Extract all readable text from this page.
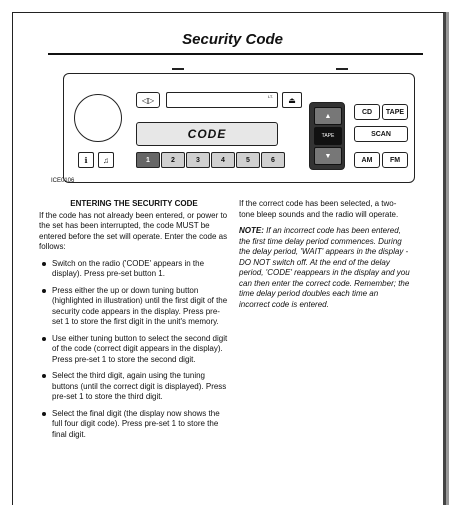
Security Code
◁▷	LT.	⏏
CODE
ℹ	♫	1	2	3	4	5	6
▲
TAPE
▼
CD	TAPE
SCAN
AM	FM
ICE0106
ENTERING THE SECURITY CODE

If the code has not already been entered, or power to the set has been interrupted, the code MUST be entered before the set will operate. Enter the code as follows:

Switch on the radio ('CODE' appears in the display). Press pre-set button 1.
Press either the up or down tuning button (highlighted in illustration) until the first digit of the security code appears in the display. Press pre-set 1 to store the first digit in the unit's memory.
Use either tuning button to select the second digit of the code (correct digit appears in the display). Press pre-set 1 to store the second digit.
Select the third digit, again using the tuning buttons (until the correct digit is displayed). Press pre-set 1 to store the third digit.
Select the final digit (the display now shows the full four digit code). Press pre-set 1 to store the final digit.

If the correct code has been selected, a two-tone bleep sounds and the radio will operate.

NOTE: If an incorrect code has been entered, the first time delay period commences. During the delay period, 'WAIT' appears in the display - DO NOT switch off. At the end of the delay period, 'CODE' reappears in the display and you can then enter the correct code. Remember; the time delay period doubles each time an incorrect code is entered.
